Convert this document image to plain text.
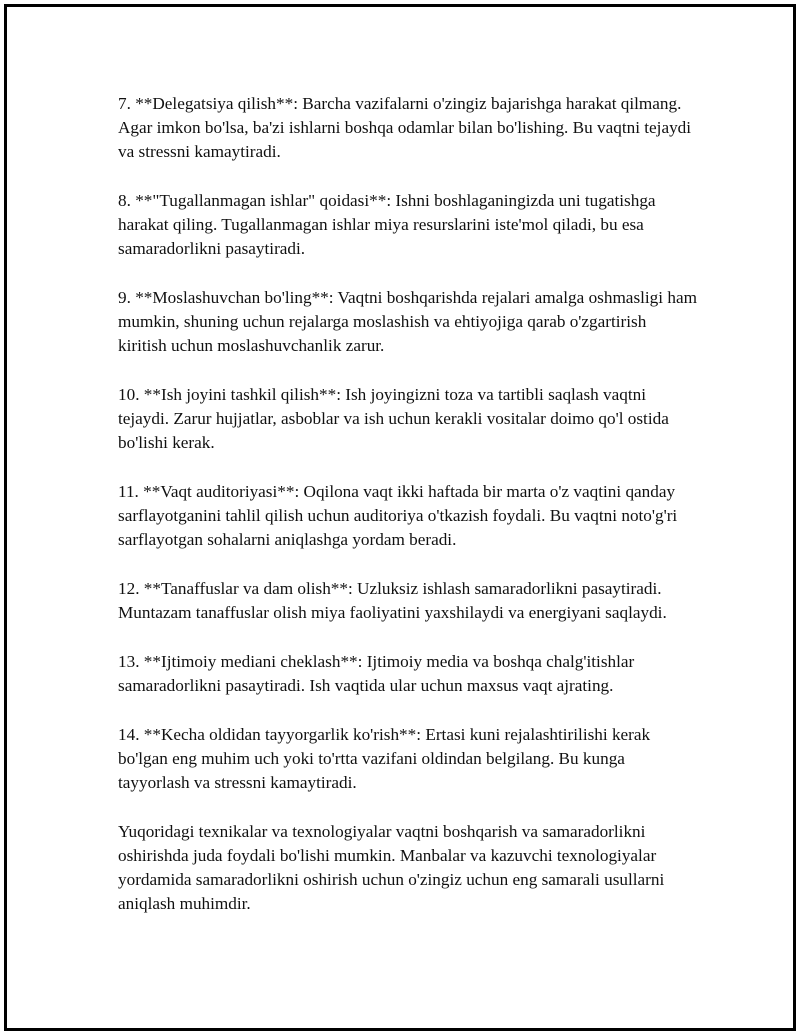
7. **Delegatsiya qilish**: Barcha vazifalarni o'zingiz bajarishga harakat qilmang. Agar imkon bo'lsa, ba'zi ishlarni boshqa odamlar bilan bo'lishing. Bu vaqtni tejaydi va stressni kamaytiradi.

8. **"Tugallanmagan ishlar" qoidasi**: Ishni boshlaganingizda uni tugatishga harakat qiling. Tugallanmagan ishlar miya resurslarini iste'mol qiladi, bu esa samaradorlikni pasaytiradi.

9. **Moslashuvchan bo'ling**: Vaqtni boshqarishda rejalari amalga oshmasligi ham mumkin, shuning uchun rejalarga moslashish va ehtiyojiga qarab o'zgartirish kiritish uchun moslashuvchanlik zarur.

10. **Ish joyini tashkil qilish**: Ish joyingizni toza va tartibli saqlash vaqtni tejaydi. Zarur hujjatlar, asboblar va ish uchun kerakli vositalar doimo qo'l ostida bo'lishi kerak.

11. **Vaqt auditoriyasi**: Oqilona vaqt ikki haftada bir marta o'z vaqtini qanday sarflayotganini tahlil qilish uchun auditoriya o'tkazish foydali. Bu vaqtni noto'g'ri sarflayotgan sohalarni aniqlashga yordam beradi.

12. **Tanaffuslar va dam olish**: Uzluksiz ishlash samaradorlikni pasaytiradi. Muntazam tanaffuslar olish miya faoliyatini yaxshilaydi va energiyani saqlaydi.

13. **Ijtimoiy mediani cheklash**: Ijtimoiy media va boshqa chalg'itishlar samaradorlikni pasaytiradi. Ish vaqtida ular uchun maxsus vaqt ajrating.

14. **Kecha oldidan tayyorgarlik ko'rish**: Ertasi kuni rejalashtirilishi kerak bo'lgan eng muhim uch yoki to'rtta vazifani oldindan belgilang. Bu kunga tayyorlash va stressni kamaytiradi.

Yuqoridagi texnikalar va texnologiyalar vaqtni boshqarish va samaradorlikni oshirishda juda foydali bo'lishi mumkin. Manbalar va kazuvchi texnologiyalar yordamida samaradorlikni oshirish uchun o'zingiz uchun eng samarali usullarni aniqlash muhimdir.
